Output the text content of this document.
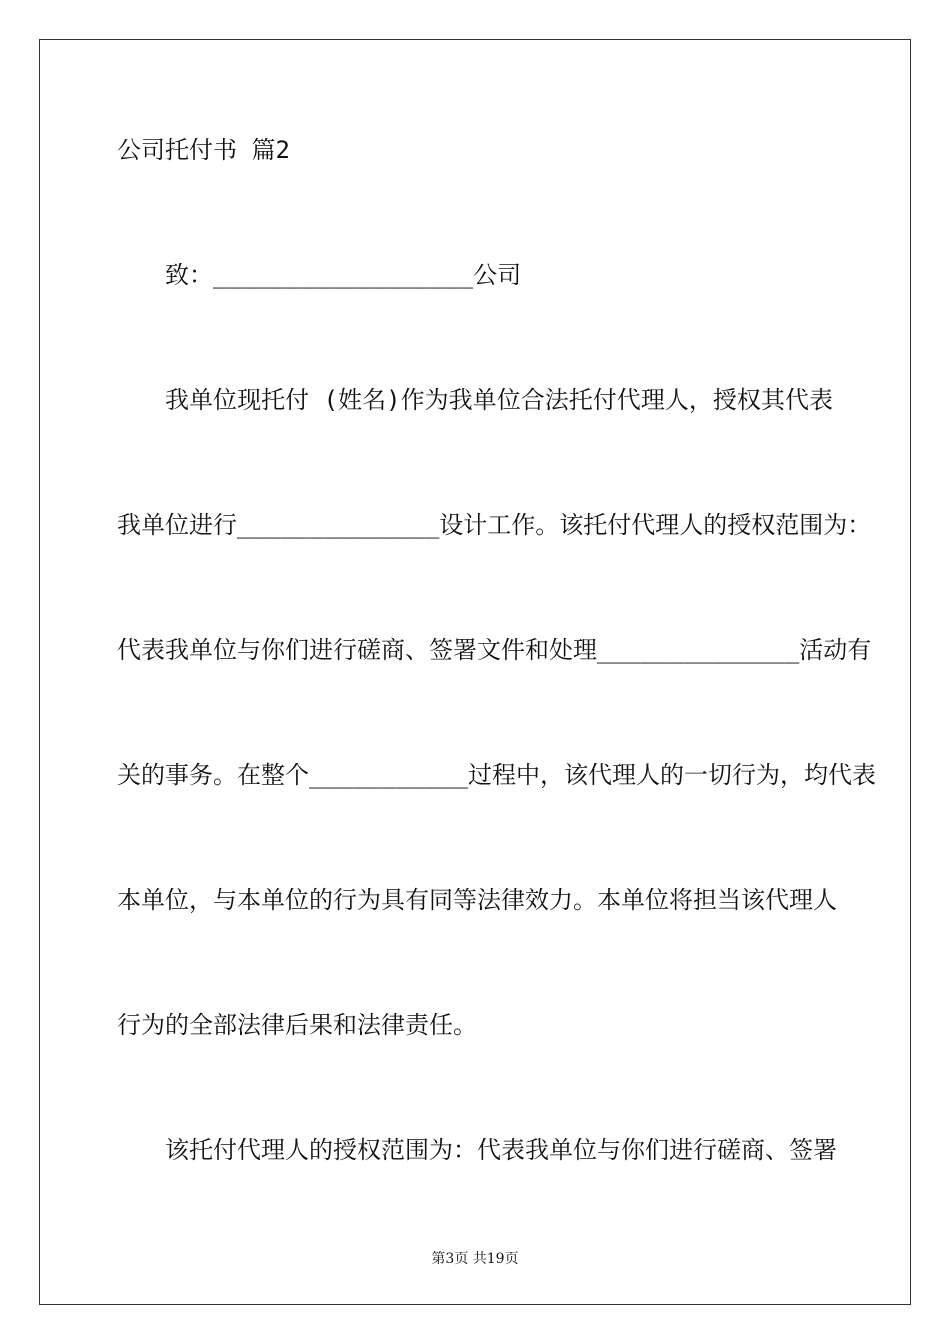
公司托付书 篇2
致：__________________公司
我单位现托付 (姓名)作为我单位合法托付代理人，授权其代表
我单位进行______________设计工作。该托付代理人的授权范围为：
代表我单位与你们进行磋商、签署文件和处理______________活动有
关的事务。在整个___________过程中，该代理人的一切行为，均代表
本单位，与本单位的行为具有同等法律效力。本单位将担当该代理人
行为的全部法律后果和法律责任。
该托付代理人的授权范围为：代表我单位与你们进行磋商、签署
第3页 共19页
